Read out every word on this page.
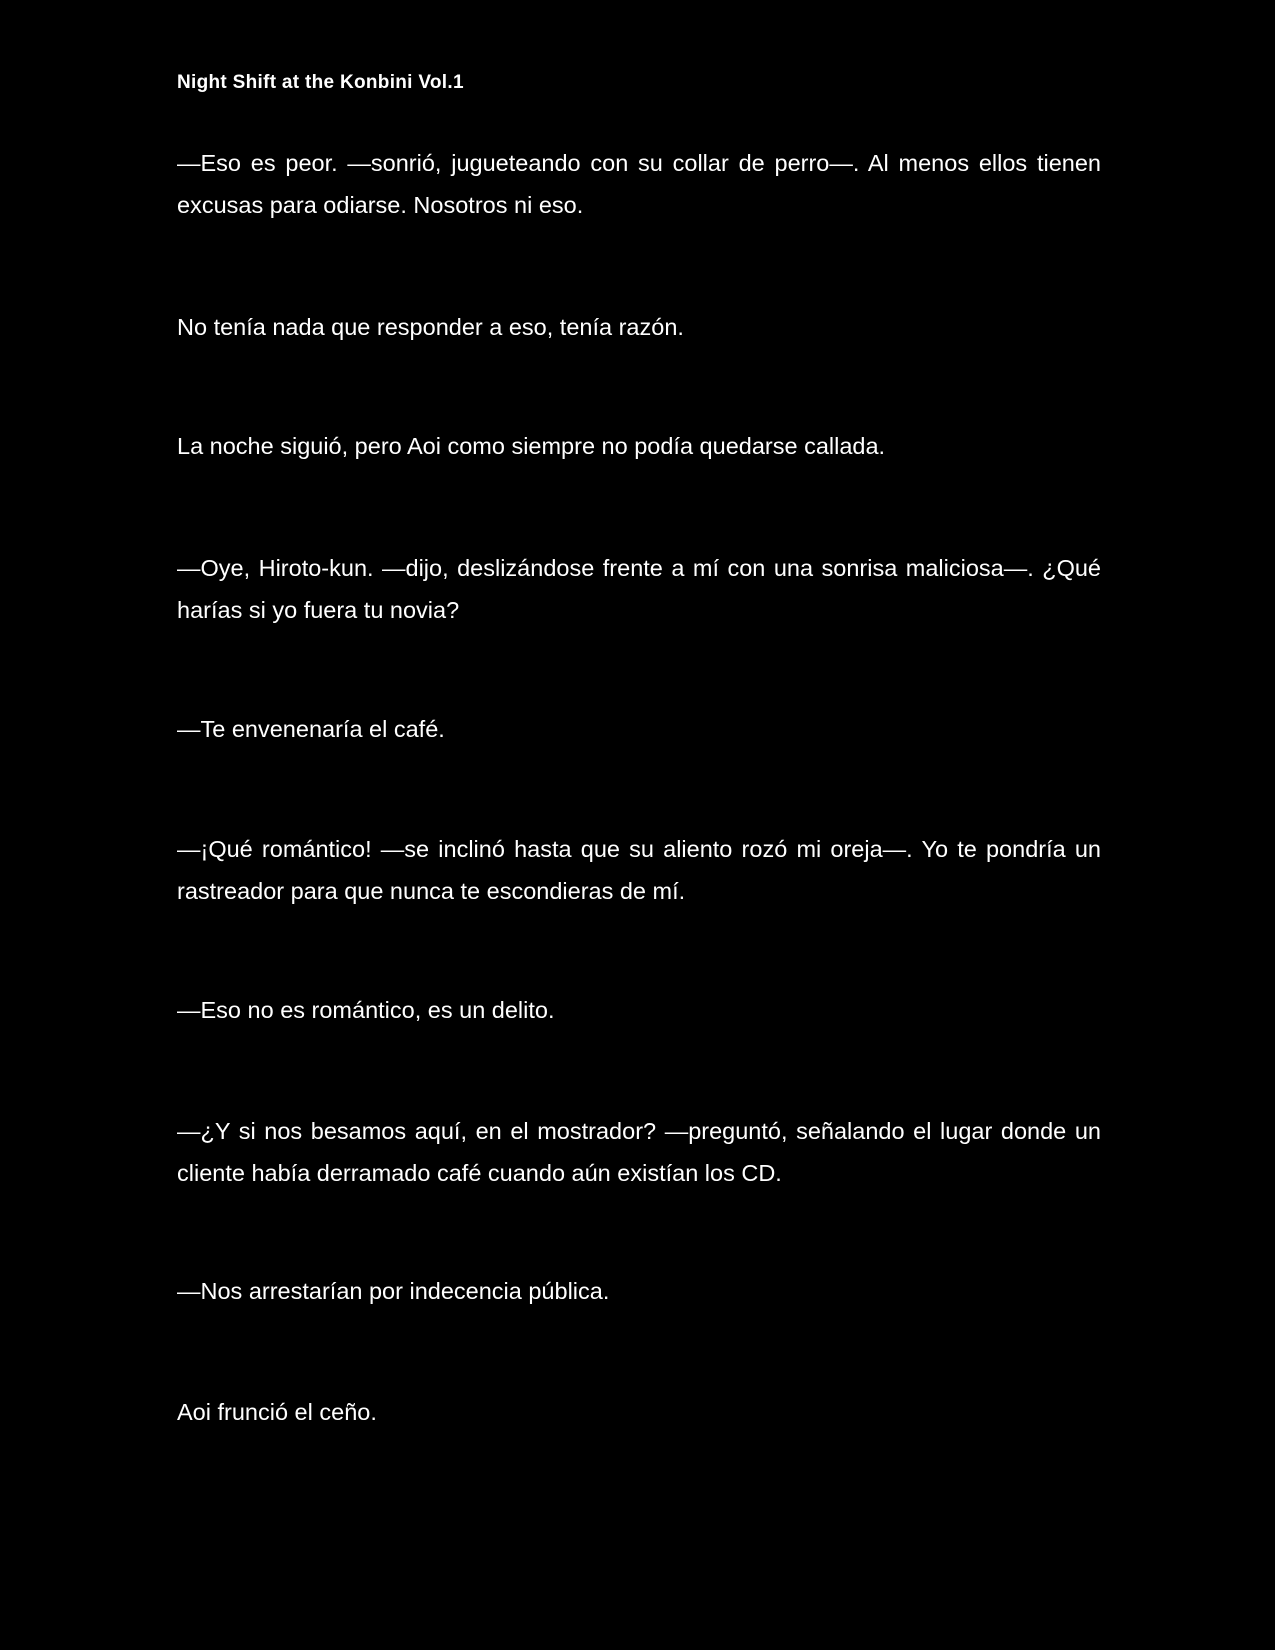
Night Shift at the Konbini Vol.1

—Eso es peor. —sonrió, jugueteando con su collar de perro—. Al menos ellos tienen excusas para odiarse. Nosotros ni eso.

No tenía nada que responder a eso, tenía razón.

La noche siguió, pero Aoi como siempre no podía quedarse callada.

—Oye, Hiroto-kun. —dijo, deslizándose frente a mí con una sonrisa maliciosa—. ¿Qué harías si yo fuera tu novia?

—Te envenenaría el café.

—¡Qué romántico! —se inclinó hasta que su aliento rozó mi oreja—. Yo te pondría un rastreador para que nunca te escondieras de mí.

—Eso no es romántico, es un delito.

—¿Y si nos besamos aquí, en el mostrador? —preguntó, señalando el lugar donde un cliente había derramado café cuando aún existían los CD.

—Nos arrestarían por indecencia pública.

Aoi frunció el ceño.
